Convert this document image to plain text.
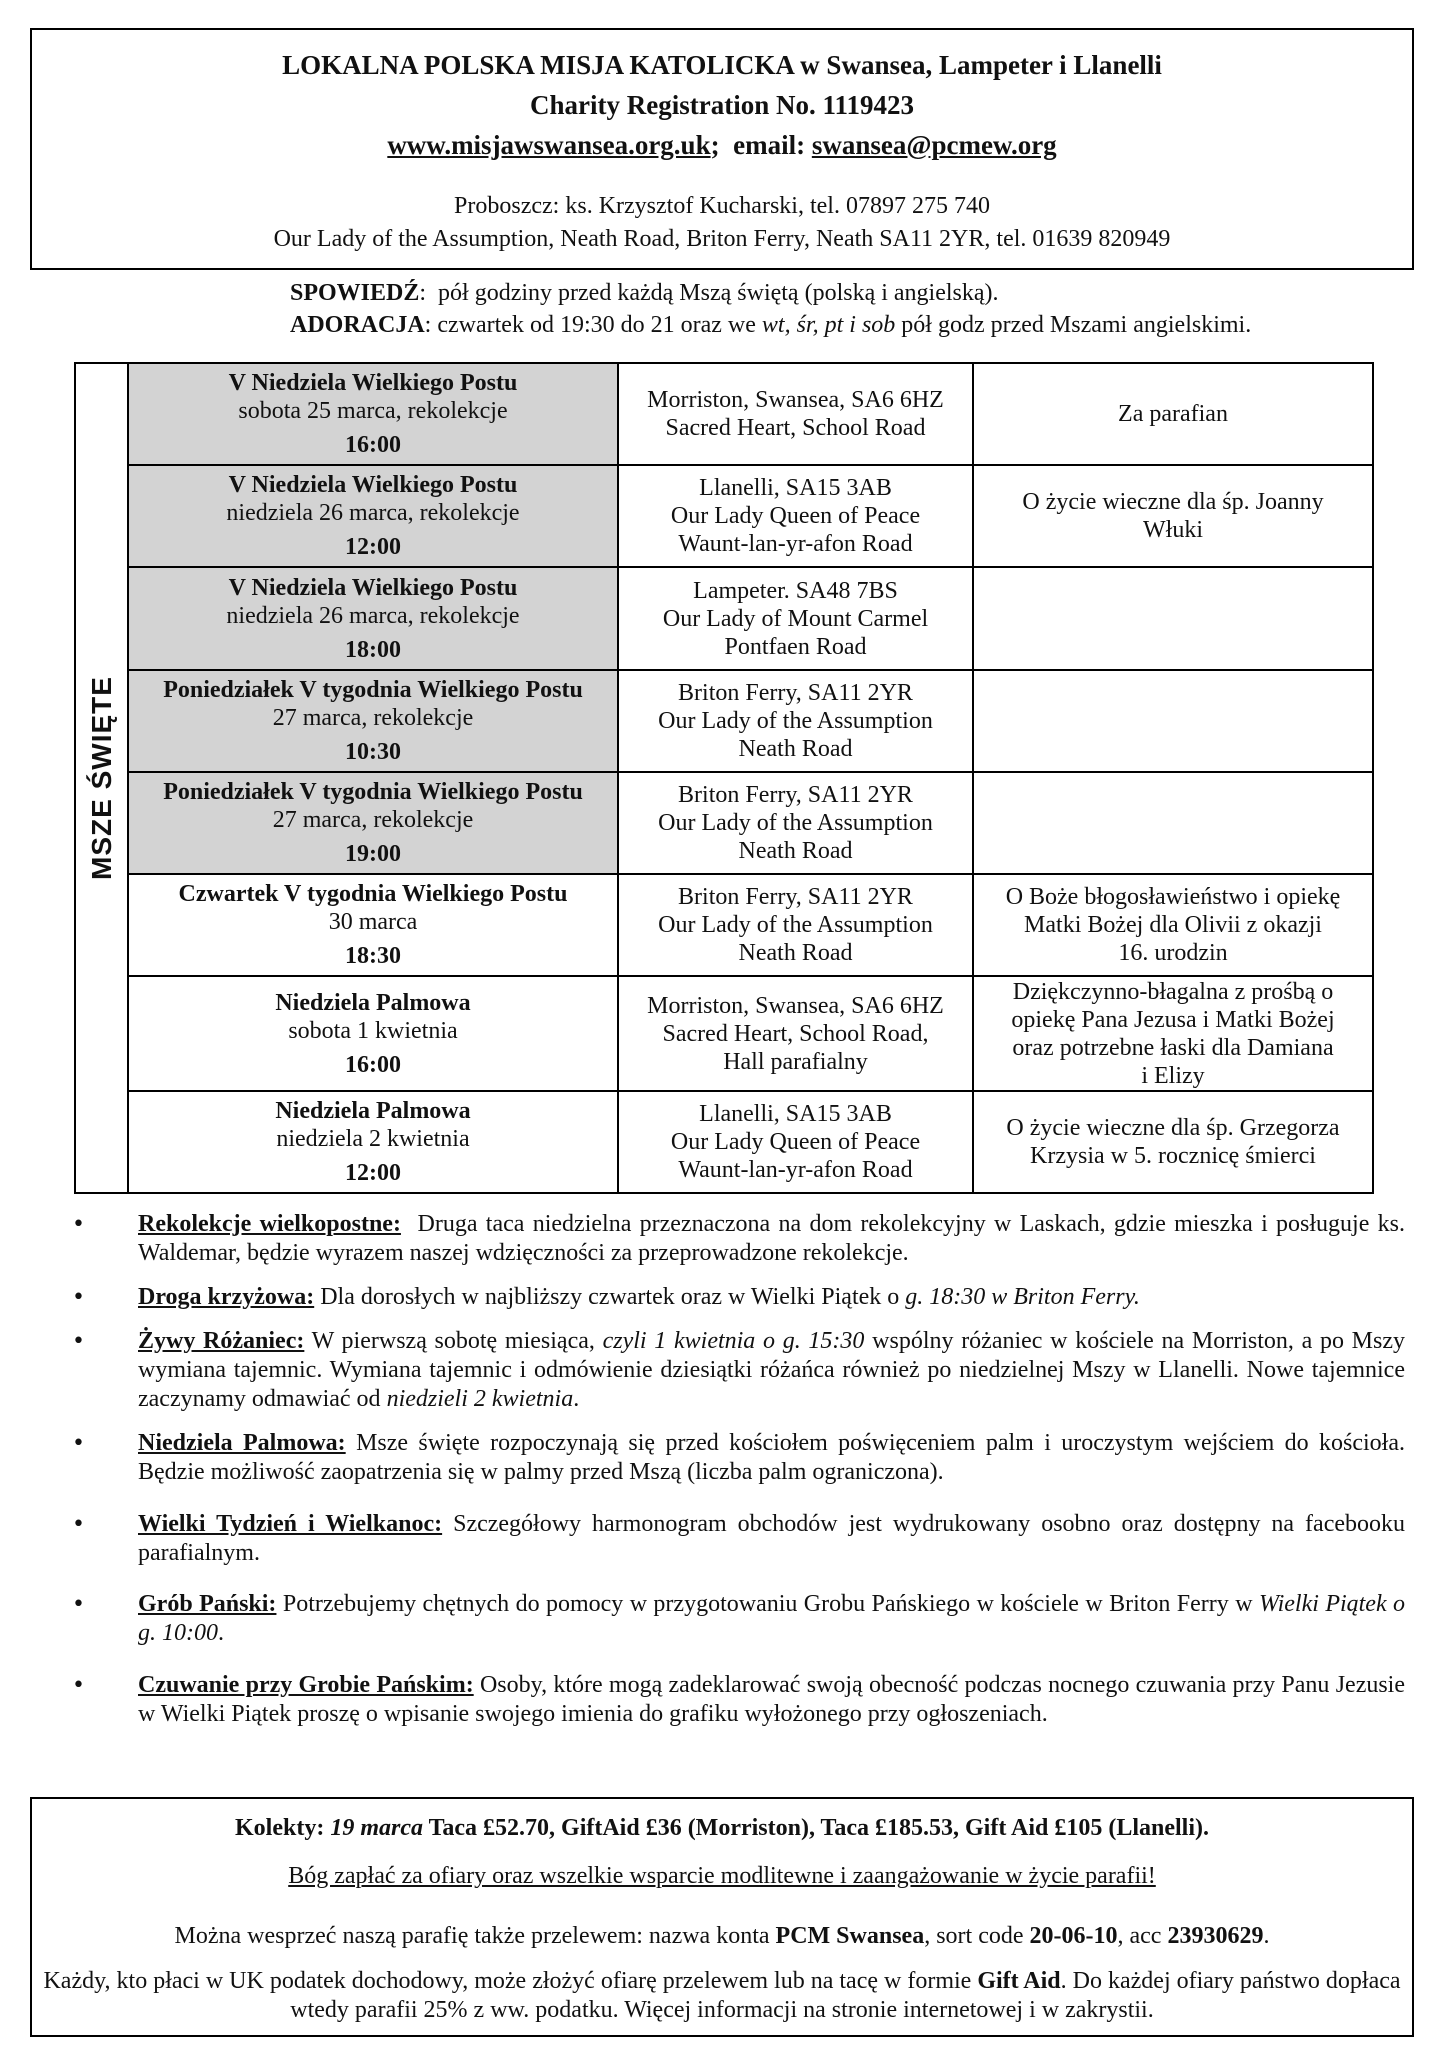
LOKALNA POLSKA MISJA KATOLICKA w Swansea, Lampeter i Llanelli
Charity Registration No. 1119423
www.misjawswansea.org.uk;  email: swansea@pcmew.org
Proboszcz: ks. Krzysztof Kucharski, tel. 07897 275 740
Our Lady of the Assumption, Neath Road, Briton Ferry, Neath SA11 2YR, tel. 01639 820949
SPOWIEDŹ:  pół godziny przed każdą Mszą świętą (polską i angielską).
ADORACJA: czwartek od 19:30 do 21 oraz we wt, śr, pt i sob pół godz przed Mszami angielskimi.
MSZE ŚWIĘTE	V Niedziela Wielkiego Postu
sobota 25 marca, rekolekcje
16:00	Morriston, Swansea, SA6 6HZ
Sacred Heart, School Road	Za parafian

	V Niedziela Wielkiego Postu
niedziela 26 marca, rekolekcje
12:00	Llanelli, SA15 3AB
Our Lady Queen of Peace
Waunt-lan-yr-afon Road	O życie wieczne dla śp. Joanny
Włuki

	V Niedziela Wielkiego Postu
niedziela 26 marca, rekolekcje
18:00	Lampeter. SA48 7BS
Our Lady of Mount Carmel
Pontfaen Road	

	Poniedziałek V tygodnia Wielkiego Postu
27 marca, rekolekcje
10:30	Briton Ferry, SA11 2YR
Our Lady of the Assumption
Neath Road	

	Poniedziałek V tygodnia Wielkiego Postu
27 marca, rekolekcje
19:00	Briton Ferry, SA11 2YR
Our Lady of the Assumption
Neath Road	

	Czwartek V tygodnia Wielkiego Postu
30 marca
18:30	Briton Ferry, SA11 2YR
Our Lady of the Assumption
Neath Road	O Boże błogosławieństwo i opiekę
Matki Bożej dla Olivii z okazji
16. urodzin

	Niedziela Palmowa
sobota 1 kwietnia
16:00	Morriston, Swansea, SA6 6HZ
Sacred Heart, School Road,
Hall parafialny	Dziękczynno-błagalna z prośbą o
opiekę Pana Jezusa i Matki Bożej
oraz potrzebne łaski dla Damiana
i Elizy

	Niedziela Palmowa
niedziela 2 kwietnia
12:00	Llanelli, SA15 3AB
Our Lady Queen of Peace
Waunt-lan-yr-afon Road	O życie wieczne dla śp. Grzegorza
Krzysia w 5. rocznicę śmierci
• Rekolekcje wielkopostne: Druga taca niedzielna przeznaczona na dom rekolekcyjny w Laskach, gdzie mieszka i posługuje ks. Waldemar, będzie wyrazem naszej wdzięczności za przeprowadzone rekolekcje.
• Droga krzyżowa: Dla dorosłych w najbliższy czwartek oraz w Wielki Piątek o g. 18:30 w Briton Ferry.
• Żywy Różaniec: W pierwszą sobotę miesiąca, czyli 1 kwietnia o g. 15:30 wspólny różaniec w kościele na Morriston, a po Mszy wymiana tajemnic. Wymiana tajemnic i odmówienie dziesiątki różańca również po niedzielnej Mszy w Llanelli. Nowe tajemnice zaczynamy odmawiać od niedzieli 2 kwietnia.
• Niedziela Palmowa: Msze święte rozpoczynają się przed kościołem poświęceniem palm i uroczystym wejściem do kościoła. Będzie możliwość zaopatrzenia się w palmy przed Mszą (liczba palm ograniczona).
• Wielki Tydzień i Wielkanoc: Szczegółowy harmonogram obchodów jest wydrukowany osobno oraz dostępny na facebooku parafialnym.
• Grób Pański: Potrzebujemy chętnych do pomocy w przygotowaniu Grobu Pańskiego w kościele w Briton Ferry w Wielki Piątek o g. 10:00.
• Czuwanie przy Grobie Pańskim: Osoby, które mogą zadeklarować swoją obecność podczas nocnego czuwania przy Panu Jezusie w Wielki Piątek proszę o wpisanie swojego imienia do grafiku wyłożonego przy ogłoszeniach.
Kolekty: 19 marca Taca £52.70, GiftAid £36 (Morriston), Taca £185.53, Gift Aid £105 (Llanelli).
Bóg zapłać za ofiary oraz wszelkie wsparcie modlitewne i zaangażowanie w życie parafii!
Można wesprzeć naszą parafię także przelewem: nazwa konta PCM Swansea, sort code 20-06-10, acc 23930629.
Każdy, kto płaci w UK podatek dochodowy, może złożyć ofiarę przelewem lub na tacę w formie Gift Aid. Do każdej ofiary państwo dopłaca wtedy parafii 25% z ww. podatku. Więcej informacji na stronie internetowej i w zakrystii.
